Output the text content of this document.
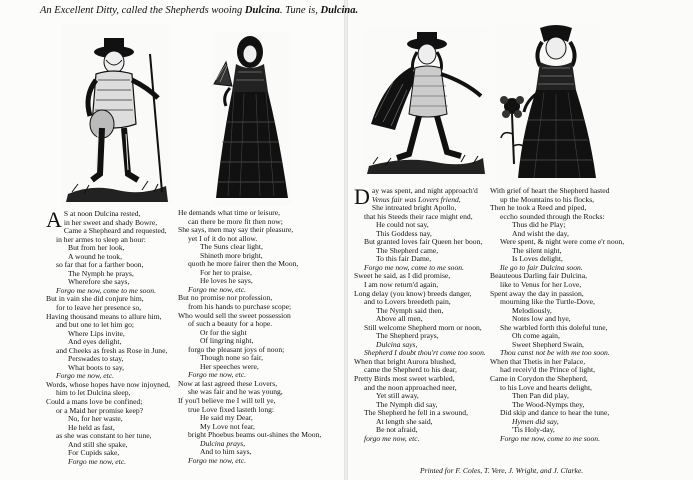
An Excellent Ditty, called the Shepherds wooing Dulcina. Tune is, Dulcina.
A S at noon Dulcina rested,
in her sweet and shady Bowre,
Came a Shepheard and requested,
in her armes to sleep an hour:
But from her look,
A wound he took,
so far that for a farther boon,
The Nymph he prays,
Wherefore she says,
Forgo me now, come to me soon.
But in vain she did conjure him,
for to leave her presence so,
Having thousand means to allure him,
and but one to let him go;
Where Lips invite,
And eyes delight,
and Cheeks as fresh as Rose in June,
Perswades to stay,
What boots to say,
Forgo me now, etc.
Words, whose hopes have now injoyned,
him to let Dulcina sleep,
Could a mans love be confined;
or a Maid her promise keep?
No, for her waste,
He held as fast,
as she was constant to her tune,
And still she spake,
For Cupids sake,
Forgo me now, etc.
He demands what time or leisure,
can there be more fit then now;
She says, men may say their pleasure,
yet I of it do not allow.
The Suns clear light,
Shineth more bright,
quoth he more fairer then the Moon,
For her to praise,
He loves he says,
Forgo me now, etc.
But no promise nor profession,
from his hands to purchase scope;
Who would sell the sweet possession
of such a beauty for a hope.
Or for the sight
Of lingring night,
forgo the pleasant joys of noon;
Though none so fair,
Her speeches were,
Forgo me now, etc.
Now at last agreed these Lovers,
she was fair and he was young,
If you'l believe me I will tell ye,
true Love fixed lasteth long:
He said my Dear,
My Love not fear,
bright Phoebus beams out-shines the Moon,
Dulcina prays,
And to him says,
Forgo me now, etc.
Day was spent, and night approach'd
Venus fair was Lovers friend,
She intreated bright Apollo,
that his Steeds their race might end,
He could not say,
This Goddess nay,
But granted loves fair Queen her boon,
The Shepherd came,
To this fair Dame,
Forgo me now, come to me soon.
Sweet he said, as I did promise,
I am now return'd again,
Long delay (you know) breeds danger,
and to Lovers breedeth pain,
The Nymph said then,
Above all men,
Still welcome Shepherd morn or noon,
The Shepherd prays,
Dulcina says,
Shepherd I doubt thou'rt come too soon.
When that bright Aurora blushed,
came the Shepherd to his dear,
Pretty Birds most sweet warbled,
and the noon approached neer,
Yet still away,
The Nymph did say,
The Shepherd he fell in a swound,
At length she said,
Be not afraid,
forgo me now, etc.
With grief of heart the Shepherd hasted
up the Mountains to his flocks,
Then he took a Reed and piped,
eccho sounded through the Rocks:
Thus did he Play;
And wisht the day,
Were spent, & night were come e'r noon,
The silent night,
Is Loves delight,
Ile go to fair Dulcina soon.
Beauteous Darling fair Dulcina,
like to Venus for her Love,
Spent away the day in passion,
mourning like the Turtle-Dove,
Melodiously,
Notes low and hye,
She warbled forth this doleful tune,
Oh come again,
Sweet Shepherd Swain,
Thou canst not be with me too soon.
When that Thetis in her Palace,
had receiv'd the Prince of light,
Came in Corydon the Shepherd,
to his Love and hearts delight,
Then Pan did play,
The Wood-Nymps they,
Did skip and dance to hear the tune,
Hymen did say,
'Tis Holy-day,
Forgo me now, come to me soon.
Printed for F. Coles, T. Vere, J. Wright, and J. Clarke.
